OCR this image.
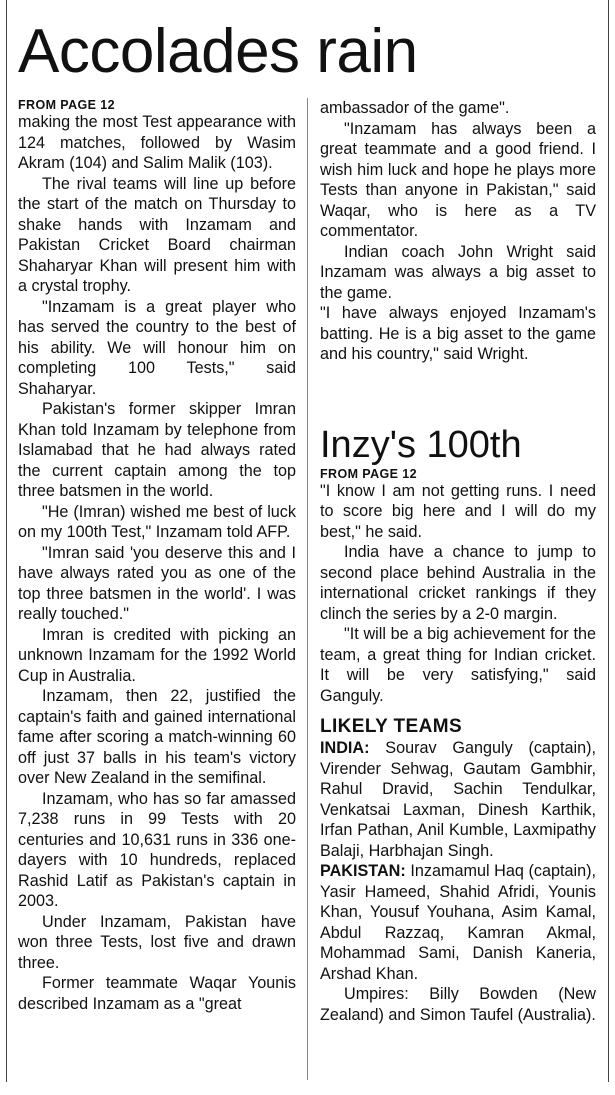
Accolades rain
FROM PAGE 12

making the most Test appearance with 124 matches, followed by Wasim Akram (104) and Salim Malik (103).

The rival teams will line up before the start of the match on Thursday to shake hands with Inzamam and Pakistan Cricket Board chairman Shaharyar Khan will present him with a crystal trophy.

"Inzamam is a great player who has served the country to the best of his ability. We will honour him on completing 100 Tests," said Shaharyar.

Pakistan's former skipper Imran Khan told Inzamam by telephone from Islamabad that he had always rated the current captain among the top three batsmen in the world.

"He (Imran) wished me best of luck on my 100th Test," Inzamam told AFP.

"Imran said 'you deserve this and I have always rated you as one of the top three batsmen in the world'. I was really touched."

Imran is credited with picking an unknown Inzamam for the 1992 World Cup in Australia.

Inzamam, then 22, justified the captain's faith and gained international fame after scoring a match-winning 60 off just 37 balls in his team's victory over New Zealand in the semifinal.

Inzamam, who has so far amassed 7,238 runs in 99 Tests with 20 centuries and 10,631 runs in 336 one-dayers with 10 hundreds, replaced Rashid Latif as Pakistan's captain in 2003.

Under Inzamam, Pakistan have won three Tests, lost five and drawn three.

Former teammate Waqar Younis described Inzamam as a "great

ambassador of the game".

"Inzamam has always been a great teammate and a good friend. I wish him luck and hope he plays more Tests than anyone in Pakistan," said Waqar, who is here as a TV commentator.

Indian coach John Wright said Inzamam was always a big asset to the game.

"I have always enjoyed Inzamam's batting. He is a big asset to the game and his country," said Wright.

Inzy's 100th
FROM PAGE 12

"I know I am not getting runs. I need to score big here and I will do my best," he said.

India have a chance to jump to second place behind Australia in the international cricket rankings if they clinch the series by a 2-0 margin.

"It will be a big achievement for the team, a great thing for Indian cricket. It will be very satisfying," said Ganguly.

LIKELY TEAMS

INDIA: Sourav Ganguly (captain), Virender Sehwag, Gautam Gambhir, Rahul Dravid, Sachin Tendulkar, Venkatsai Laxman, Dinesh Karthik, Irfan Pathan, Anil Kumble, Laxmipathy Balaji, Harbhajan Singh.

PAKISTAN: Inzamamul Haq (captain), Yasir Hameed, Shahid Afridi, Younis Khan, Yousuf Youhana, Asim Kamal, Abdul Razzaq, Kamran Akmal, Mohammad Sami, Danish Kaneria, Arshad Khan.

Umpires: Billy Bowden (New Zealand) and Simon Taufel (Australia).
